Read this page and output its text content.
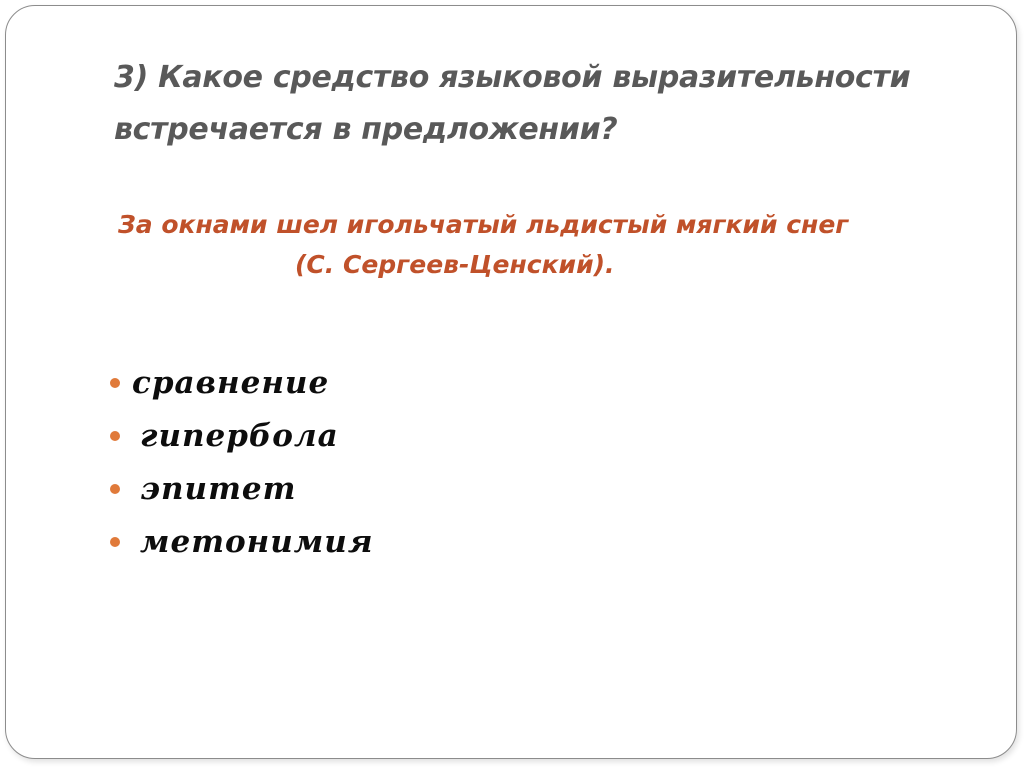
3) Какое средство языковой выразительности
встречается в предложении?
За окнами шел игольчатый льдистый мягкий снег
(С. Сергеев-Ценский).
сравнение
гипербола
эпитет
метонимия
